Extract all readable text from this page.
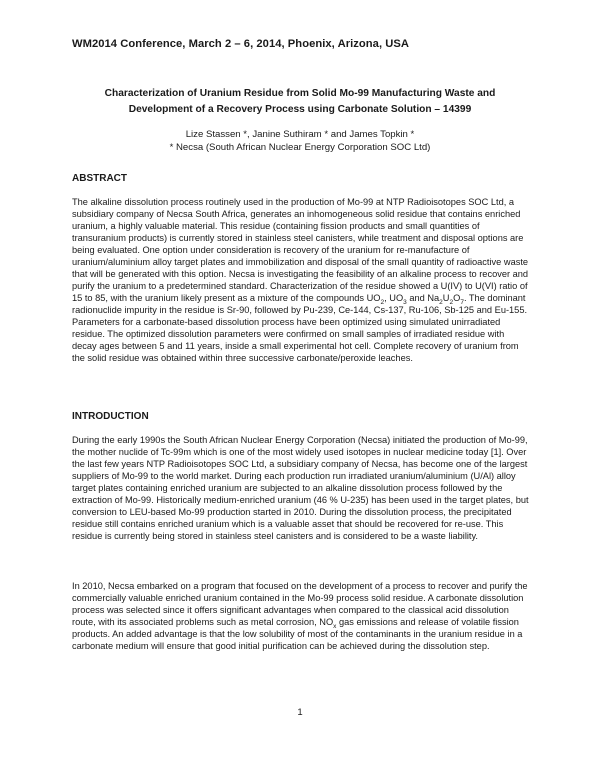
WM2014 Conference, March 2 – 6, 2014, Phoenix, Arizona, USA
Characterization of Uranium Residue from Solid Mo-99 Manufacturing Waste and
Development of a Recovery Process using Carbonate Solution – 14399
Lize Stassen *, Janine Suthiram * and James Topkin *
* Necsa (South African Nuclear Energy Corporation SOC Ltd)
ABSTRACT

The alkaline dissolution process routinely used in the production of Mo-99 at NTP Radioisotopes SOC Ltd, a subsidiary company of Necsa South Africa, generates an inhomogeneous solid residue that contains enriched uranium, a highly valuable material. This residue (containing fission products and small quantities of transuranium products) is currently stored in stainless steel canisters, while treatment and disposal options are being evaluated. One option under consideration is recovery of the uranium for re-manufacture of uranium/aluminium alloy target plates and immobilization and disposal of the small quantity of radioactive waste that will be generated with this option. Necsa is investigating the feasibility of an alkaline process to recover and purify the uranium to a predetermined standard. Characterization of the residue showed a U(IV) to U(VI) ratio of 15 to 85, with the uranium likely present as a mixture of the compounds $UO_2$, $UO_3$ and $Na_2U_2O_7$. The dominant radionuclide impurity in the residue is Sr-90, followed by Pu-239, Ce-144, Cs-137, Ru-106, Sb-125 and Eu-155. Parameters for a carbonate-based dissolution process have been optimized using simulated unirradiated residue. The optimized dissolution parameters were confirmed on small samples of irradiated residue with decay ages between 5 and 11 years, inside a small experimental hot cell. Complete recovery of uranium from the solid residue was obtained within three successive carbonate/peroxide leaches.

INTRODUCTION

During the early 1990s the South African Nuclear Energy Corporation (Necsa) initiated the production of Mo-99, the mother nuclide of Tc-99m which is one of the most widely used isotopes in nuclear medicine today [1]. Over the last few years NTP Radioisotopes SOC Ltd, a subsidiary company of Necsa, has become one of the largest suppliers of Mo-99 to the world market. During each production run irradiated uranium/aluminium (U/Al) alloy target plates containing enriched uranium are subjected to an alkaline dissolution process followed by the extraction of Mo-99. Historically medium-enriched uranium (46 % U-235) has been used in the target plates, but conversion to LEU-based Mo-99 production started in 2010. During the dissolution process, the precipitated residue still contains enriched uranium which is a valuable asset that should be recovered for re-use. This residue is currently being stored in stainless steel canisters and is considered to be a waste liability.

In 2010, Necsa embarked on a program that focused on the development of a process to recover and purify the commercially valuable enriched uranium contained in the Mo-99 process solid residue. A carbonate dissolution process was selected since it offers significant advantages when compared to the classical acid dissolution route, with its associated problems such as metal corrosion, $NO_x$ gas emissions and release of volatile fission products. An added advantage is that the low solubility of most of the contaminants in the uranium residue in a carbonate medium will ensure that good initial purification can be achieved during the dissolution step.

1
